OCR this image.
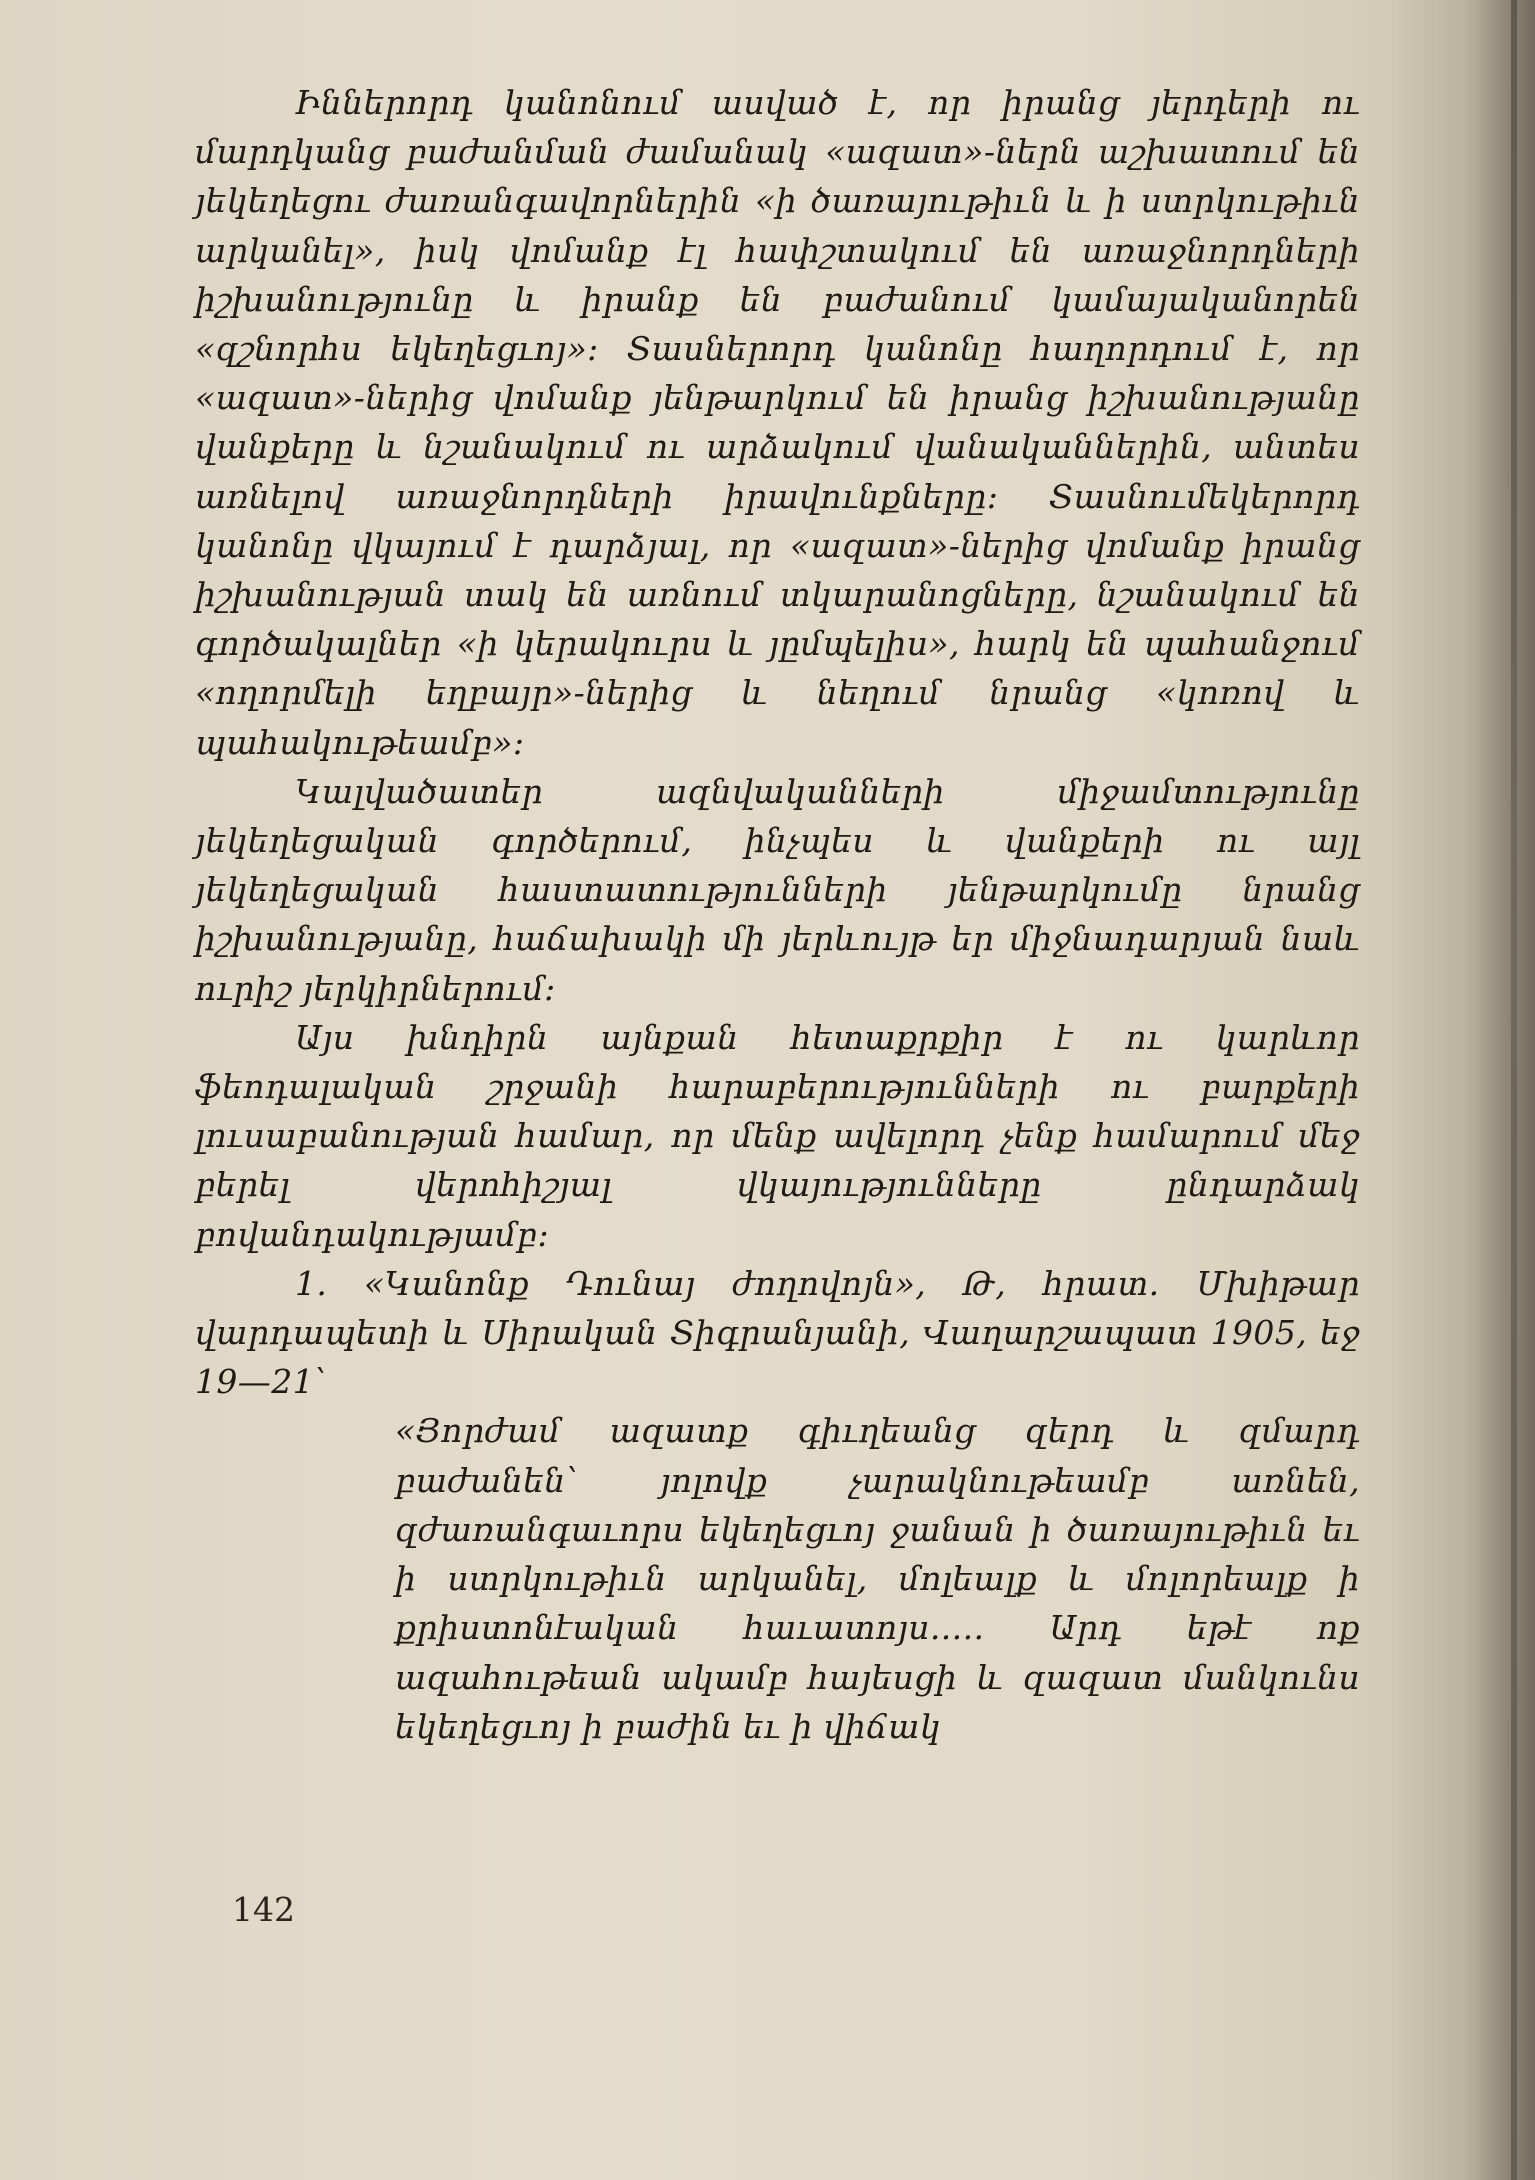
Իններորդ կանոնում ասված է, որ իրանց յերդերի ու մարդկանց բաժանման ժամանակ «ազատ»-ներն աշխատում են յեկեղեցու ժառանգավորներին «ի ծառայութիւն և ի ստրկութիւն արկանել», իսկ վոմանք էլ հափշտակում են առաջնորդների իշխանությունը և իրանք են բաժանում կամայականորեն «զշնորհս եկեղեցւոյ»։ Տասներորդ կանոնը հաղորդում է, որ «ազատ»-ներից վոմանք յենթարկում են իրանց իշխանությանը վանքերը և նշանակում ու արձակում վանականներին, անտես առնելով առաջնորդների իրավունքները։ Տասնումեկերորդ կանոնը վկայում է դարձյալ, որ «ազատ»-ներից վոմանք իրանց իշխանության տակ են առնում տկարանոցները, նշանակում են գործակալներ «ի կերակուրս և յըմպելիս», հարկ են պահանջում «ողորմելի եղբայր»-ներից և նեղում նրանց «կոռով և պահակութեամբ»։

Կալվածատեր ազնվականների միջամտությունը յեկեղեցական գործերում, ինչպես և վանքերի ու այլ յեկեղեցական հաստատությունների յենթարկումը նրանց իշխանությանը, հաճախակի մի յերևույթ եր միջնադարյան նաև ուրիշ յերկիրներում։

Այս խնդիրն այնքան հետաքրքիր է ու կարևոր ֆեոդալական շրջանի հարաբերությունների ու բարքերի լուսաբանության համար, որ մենք ավելորդ չենք համարում մեջ բերել վերոհիշյալ վկայությունները ընդարձակ բովանդակությամբ։

1. «Կանոնք Դունայ ժողովոյն», Թ, հրատ. Մխիթար վարդապետի և Սիրական Տիգրանյանի, Վաղարշապատ 1905, եջ 19—21՝

«Յորժամ ազատք գիւղեանց զերդ և զմարդ բաժանեն՝ յոլովք չարակնութեամբ առնեն, զժառանգաւորս եկեղեցւոյ ջանան ի ծառայութիւն եւ ի ստրկութիւն արկանել, մոլեալք և մոլորեալք ի քրիստոնէական հաւատոյս..... Արդ եթէ ոք ազահութեան ակամբ հայեսցի և զազատ մանկունս եկեղեցւոյ ի բաժին եւ ի վիճակ

142
